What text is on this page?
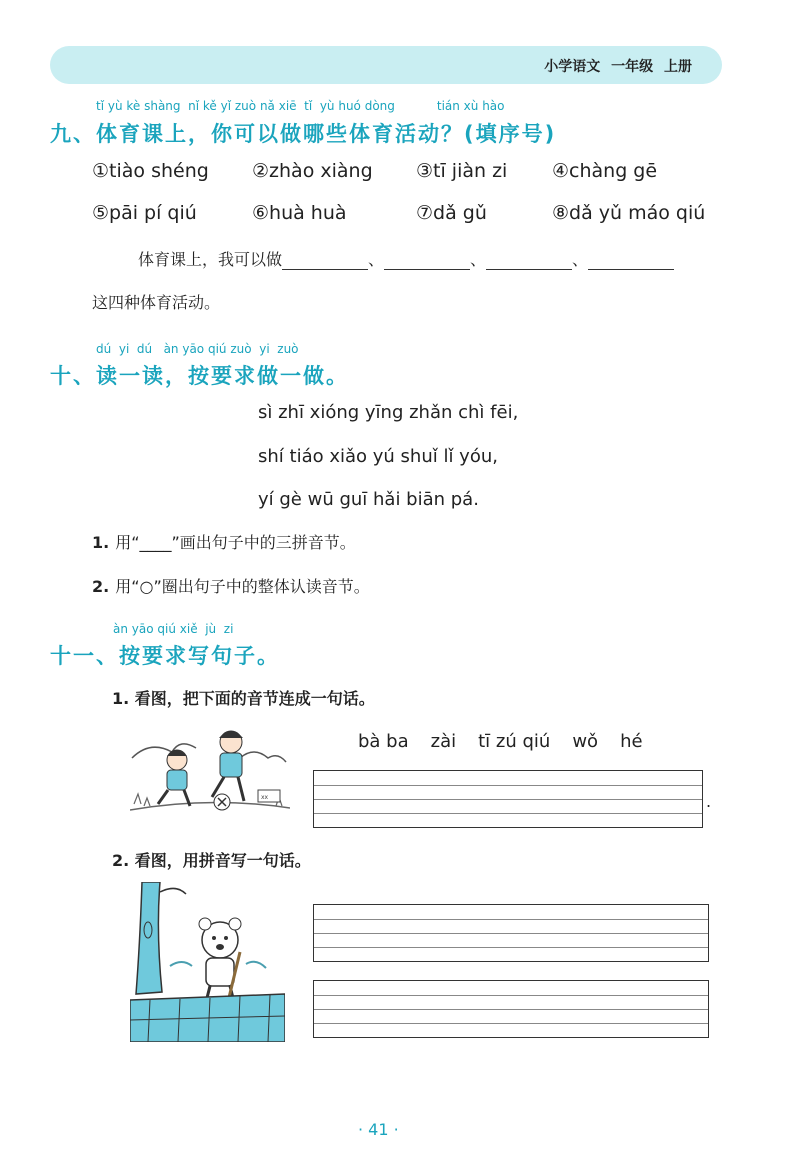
小学语文 一年级 上册
tǐ yù kè shàng  nǐ kě yǐ zuò nǎ xiē  tǐ  yù huó dòng           tián xù hào
九、体育课上，你可以做哪些体育活动？(填序号)
①tiào shéng ②zhào xiàng ③tī jiàn zi ④chàng gē
⑤pāi pí qiú	⑥huà huà	⑦dǎ gǔ	⑧dǎ yǔ máo qiú
体育课上，我可以做	、	、	、
这四种体育活动。
dú  yi  dú   àn yāo qiú zuò  yi  zuò
十、读一读，按要求做一做。
sì zhī xióng yīng zhǎn chì fēi,
shí tiáo xiǎo yú shuǐ lǐ yóu,
yí gè wū guī hǎi biān pá.
1. 用“____”画出句子中的三拼音节。
2. 用“○”圈出句子中的整体认读音节。
àn yāo qiú xiě  jù  zi
十一、按要求写句子。
1. 看图，把下面的音节连成一句话。
xx
bà ba zài tī zú qiú wǒ hé
.
2. 看图，用拼音写一句话。
· 41 ·
